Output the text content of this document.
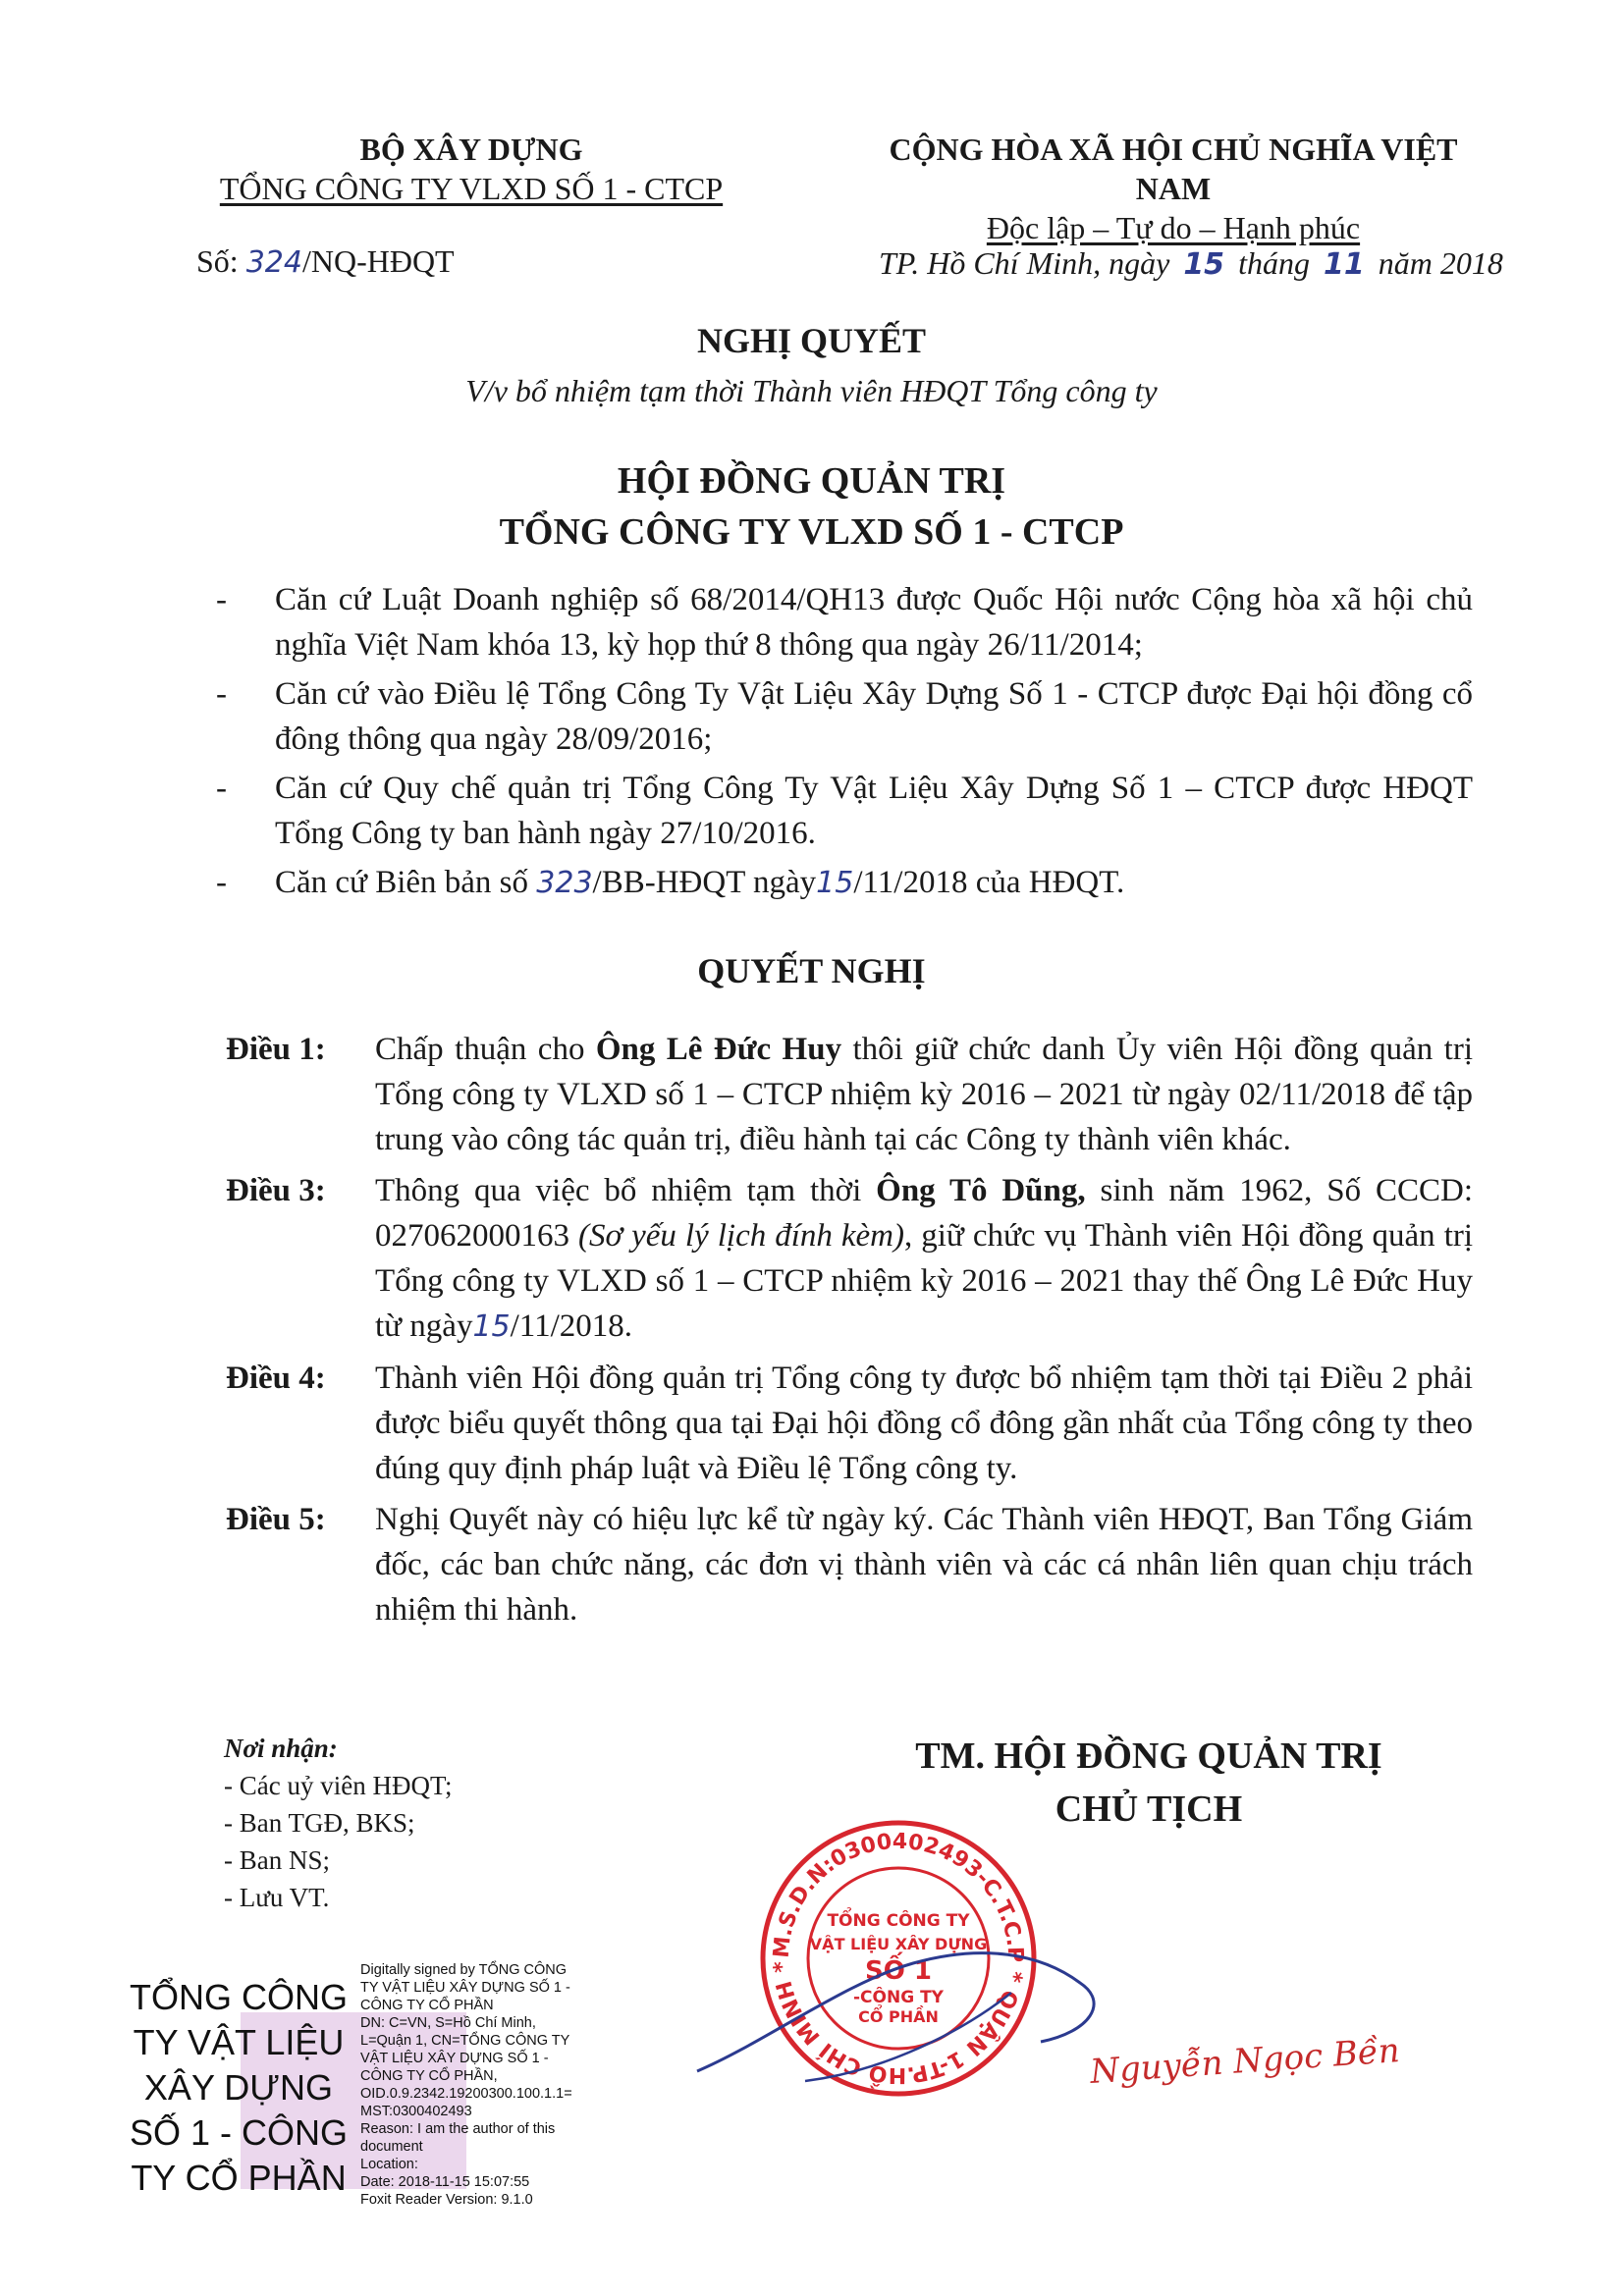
BỘ XÂY DỰNG
TỔNG CÔNG TY VLXD SỐ 1 - CTCP
CỘNG HÒA XÃ HỘI CHỦ NGHĨA VIỆT NAM
Độc lập – Tự do – Hạnh phúc
Số: 324/NQ-HĐQT	TP. Hồ Chí Minh, ngày 15 tháng 11 năm 2018
NGHỊ QUYẾT
V/v bổ nhiệm tạm thời Thành viên HĐQT Tổng công ty
HỘI ĐỒNG QUẢN TRỊ
TỔNG CÔNG TY VLXD SỐ 1 - CTCP
- Căn cứ Luật Doanh nghiệp số 68/2014/QH13 được Quốc Hội nước Cộng hòa xã hội chủ nghĩa Việt Nam khóa 13, kỳ họp thứ 8 thông qua ngày 26/11/2014;
- Căn cứ vào Điều lệ Tổng Công Ty Vật Liệu Xây Dựng Số 1 - CTCP được Đại hội đồng cổ đông thông qua ngày 28/09/2016;
- Căn cứ Quy chế quản trị Tổng Công Ty Vật Liệu Xây Dựng Số 1 – CTCP được HĐQT Tổng Công ty ban hành ngày 27/10/2016.
- Căn cứ Biên bản số 323/BB-HĐQT ngày15/11/2018 của HĐQT.
QUYẾT NGHỊ
Điều 1:	Chấp thuận cho Ông Lê Đức Huy thôi giữ chức danh Ủy viên Hội đồng quản trị Tổng công ty VLXD số 1 – CTCP nhiệm kỳ 2016 – 2021 từ ngày 02/11/2018 để tập trung vào công tác quản trị, điều hành tại các Công ty thành viên khác.
Điều 3:	Thông qua việc bổ nhiệm tạm thời Ông Tô Dũng, sinh năm 1962, Số CCCD: 027062000163 (Sơ yếu lý lịch đính kèm), giữ chức vụ Thành viên Hội đồng quản trị Tổng công ty VLXD số 1 – CTCP nhiệm kỳ 2016 – 2021 thay thế Ông Lê Đức Huy từ ngày15/11/2018.
Điều 4:	Thành viên Hội đồng quản trị Tổng công ty được bổ nhiệm tạm thời tại Điều 2 phải được biểu quyết thông qua tại Đại hội đồng cổ đông gần nhất của Tổng công ty theo đúng quy định pháp luật và Điều lệ Tổng công ty.
Điều 5:	Nghị Quyết này có hiệu lực kể từ ngày ký. Các Thành viên HĐQT, Ban Tổng Giám đốc, các ban chức năng, các đơn vị thành viên và các cá nhân liên quan chịu trách nhiệm thi hành.
Nơi nhận:
- Các uỷ viên HĐQT;
- Ban TGĐ, BKS;
- Ban NS;
- Lưu VT.
TM. HỘI ĐỒNG QUẢN TRỊ
CHỦ TỊCH
M.S.D.N:0300402493-C.T.C.P * QUẬN 1-TP.HỒ CHÍ MINH *
TỔNG CÔNG TY
VẬT LIỆU XÂY DỰNG
SỐ 1
-CÔNG TY
CỔ PHẦN
Nguyễn Ngọc Bền
TỔNG CÔNG
TY VẬT LIỆU
XÂY DỰNG
SỐ 1 - CÔNG
TY CỔ PHẦN
Digitally signed by TỔNG CÔNG
TY VẬT LIỆU XÂY DỰNG SỐ 1 -
CÔNG TY CỔ PHẦN
DN: C=VN, S=Hồ Chí Minh,
L=Quận 1, CN=TỔNG CÔNG TY
VẬT LIỆU XÂY DỰNG SỐ 1 -
CÔNG TY CỔ PHẦN,
OID.0.9.2342.19200300.100.1.1=
MST:0300402493
Reason: I am the author of this
document
Location:
Date: 2018-11-15 15:07:55
Foxit Reader Version: 9.1.0
